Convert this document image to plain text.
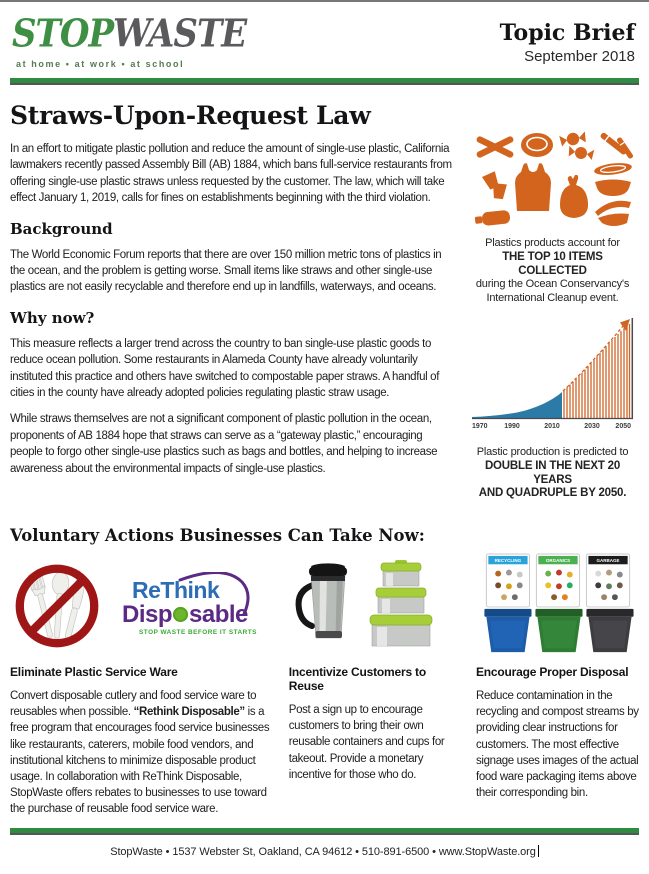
STOPWASTE
at home • at work • at school
Topic Brief
September 2018
Straws-Upon-Request Law

In an effort to mitigate plastic pollution and reduce the amount of single-use plastic, California lawmakers recently passed Assembly Bill (AB) 1884, which bans full-service restaurants from offering single-use plastic straws unless requested by the customer. The law, which will take effect January 1, 2019, calls for fines on establishments beginning with the third violation.

Background

The World Economic Forum reports that there are over 150 million metric tons of plastics in the ocean, and the problem is getting worse. Small items like straws and other single-use plastics are not easily recyclable and therefore end up in landfills, waterways, and oceans.

Why now?

This measure reflects a larger trend across the country to ban single-use plastic goods to reduce ocean pollution. Some restaurants in Alameda County have already voluntarily instituted this practice and others have switched to compostable paper straws. A handful of cities in the county have already adopted policies regulating plastic straw usage.

While straws themselves are not a significant component of plastic pollution in the ocean, proponents of AB 1884 hope that straws can serve as a “gateway plastic,” encouraging people to forgo other single-use plastics such as bags and bottles, and helping to increase awareness about the environmental impacts of single-use plastics.

Plastics products account for
THE TOP 10 ITEMS COLLECTED
during the Ocean Conservancy's
International Cleanup event.
1970 1990	2010	2030 2050
Plastic production is predicted to
DOUBLE IN THE NEXT 20 YEARS
AND QUADRUPLE BY 2050.
Voluntary Actions Businesses Can Take Now:
ReThink
Disp sable
STOP WASTE BEFORE IT STARTS
Eliminate Plastic Service Ware

Convert disposable cutlery and food service ware to reusables when possible. “Rethink Disposable” is a free program that encourages food service businesses like restaurants, caterers, mobile food vendors, and institutional kitchens to minimize disposable product usage. In collaboration with ReThink Disposable, StopWaste offers rebates to businesses to use toward the purchase of reusable food service ware.

Incentivize Customers to Reuse

Post a sign up to encourage customers to bring their own reusable containers and cups for takeout. Provide a monetary incentive for those who do.

RECYCLING	ORGANICS	GARBAGE
Encourage Proper Disposal

Reduce contamination in the recycling and compost streams by providing clear instructions for customers. The most effective signage uses images of the actual food ware packaging items above their corresponding bin.

StopWaste • 1537 Webster St, Oakland, CA 94612 • 510-891-6500 • www.StopWaste.org
